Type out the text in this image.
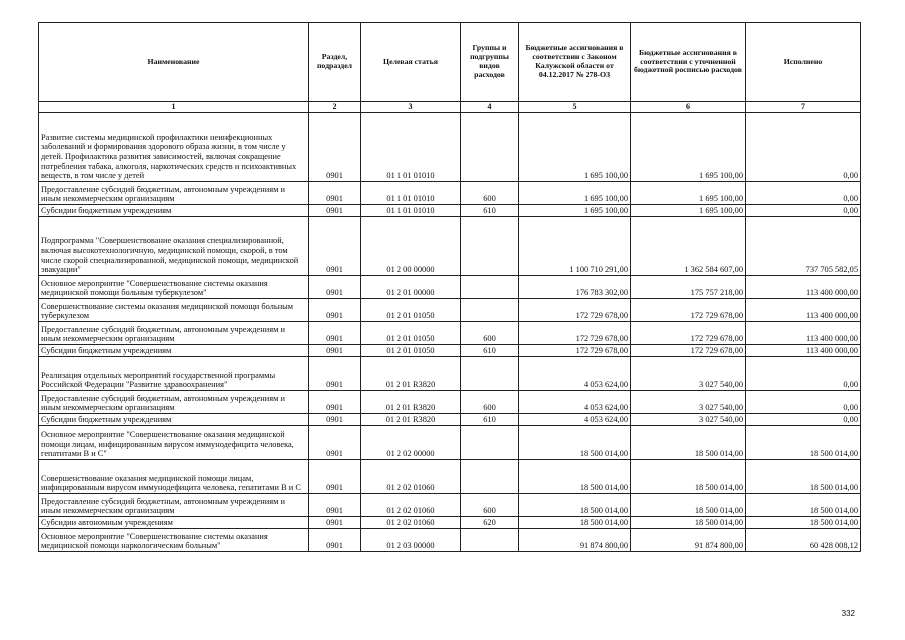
Наименование	Раздел, подраздел	Целевая статья	Группы и подгруппы видов расходов	Бюджетные ассигнования в соответствии с Законом Калужской области от 04.12.2017 № 278-ОЗ	Бюджетные ассигнования в соответствии с уточненной бюджетной росписью расходов	Исполнено
1	2	3	4	5	6	7
Развитие системы медицинской профилактики неинфекционных заболеваний и формирования здорового образа жизни, в том числе у детей. Профилактика развития зависимостей, включая сокращение потребления табака, алкоголя, наркотических средств и психоактивных веществ, в том числе у детей	0901	01 1 01 01010		1 695 100,00	1 695 100,00	0,00
Предоставление субсидий бюджетным, автономным учреждениям и иным некоммерческим организациям	0901	01 1 01 01010	600	1 695 100,00	1 695 100,00	0,00
Субсидии бюджетным учреждениям	0901	01 1 01 01010	610	1 695 100,00	1 695 100,00	0,00
Подпрограмма "Совершенствование оказания специализированной, включая высокотехнологичную, медицинской помощи, скорой, в том числе скорой специализированной, медицинской помощи, медицинской эвакуации"	0901	01 2 00 00000		1 100 710 291,00	1 362 584 607,00	737 705 582,05
Основное мероприятие "Совершенствование системы оказания медицинской помощи больным туберкулезом"	0901	01 2 01 00000		176 783 302,00	175 757 218,00	113 400 000,00
Совершенствование системы оказания медицинской помощи больным туберкулезом	0901	01 2 01 01050		172 729 678,00	172 729 678,00	113 400 000,00
Предоставление субсидий бюджетным, автономным учреждениям и иным некоммерческим организациям	0901	01 2 01 01050	600	172 729 678,00	172 729 678,00	113 400 000,00
Субсидии бюджетным учреждениям	0901	01 2 01 01050	610	172 729 678,00	172 729 678,00	113 400 000,00
Реализация отдельных мероприятий государственной программы Российской Федерации "Развитие здравоохранения"	0901	01 2 01 R3820		4 053 624,00	3 027 540,00	0,00
Предоставление субсидий бюджетным, автономным учреждениям и иным некоммерческим организациям	0901	01 2 01 R3820	600	4 053 624,00	3 027 540,00	0,00
Субсидии бюджетным учреждениям	0901	01 2 01 R3820	610	4 053 624,00	3 027 540,00	0,00
Основное мероприятие "Совершенствование оказания медицинской помощи лицам, инфицированным вирусом иммунодефицита человека, гепатитами В и С"	0901	01 2 02 00000		18 500 014,00	18 500 014,00	18 500 014,00
Совершенствование оказания медицинской помощи лицам, инфицированным вирусом иммунодефицита человека, гепатитами В и С	0901	01 2 02 01060		18 500 014,00	18 500 014,00	18 500 014,00
Предоставление субсидий бюджетным, автономным учреждениям и иным некоммерческим организациям	0901	01 2 02 01060	600	18 500 014,00	18 500 014,00	18 500 014,00
Субсидии автономным учреждениям	0901	01 2 02 01060	620	18 500 014,00	18 500 014,00	18 500 014,00
Основное мероприятие "Совершенствование системы оказания медицинской помощи наркологическим больным"	0901	01 2 03 00000		91 874 800,00	91 874 800,00	60 428 008,12
332
